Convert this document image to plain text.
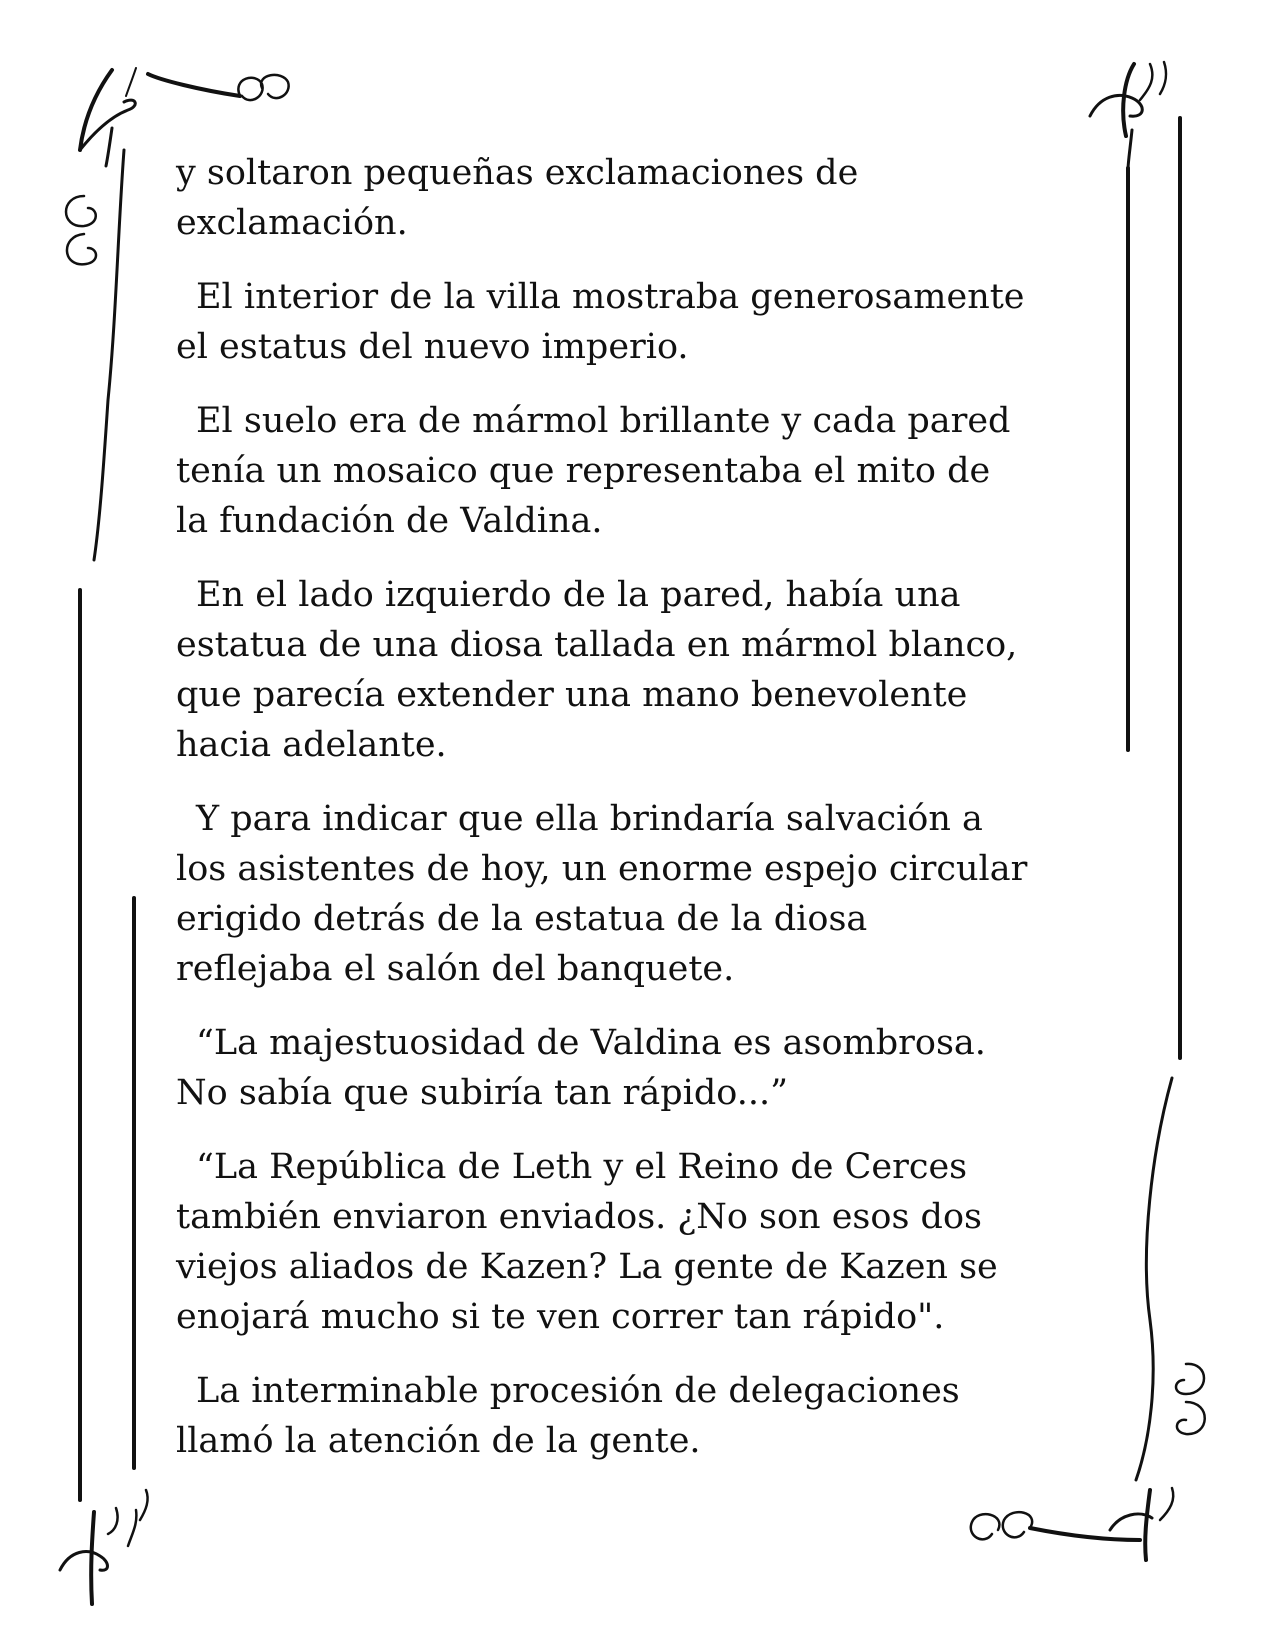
y soltaron pequeñas exclamaciones de
exclamación.

El interior de la villa mostraba generosamente
el estatus del nuevo imperio.

El suelo era de mármol brillante y cada pared
tenía un mosaico que representaba el mito de
la fundación de Valdina.

En el lado izquierdo de la pared, había una
estatua de una diosa tallada en mármol blanco,
que parecía extender una mano benevolente
hacia adelante.

Y para indicar que ella brindaría salvación a
los asistentes de hoy, un enorme espejo circular
erigido detrás de la estatua de la diosa
reflejaba el salón del banquete.

“La majestuosidad de Valdina es asombrosa.
No sabía que subiría tan rápido...”

“La República de Leth y el Reino de Cerces
también enviaron enviados. ¿No son esos dos
viejos aliados de Kazen? La gente de Kazen se
enojará mucho si te ven correr tan rápido".

La interminable procesión de delegaciones
llamó la atención de la gente.
